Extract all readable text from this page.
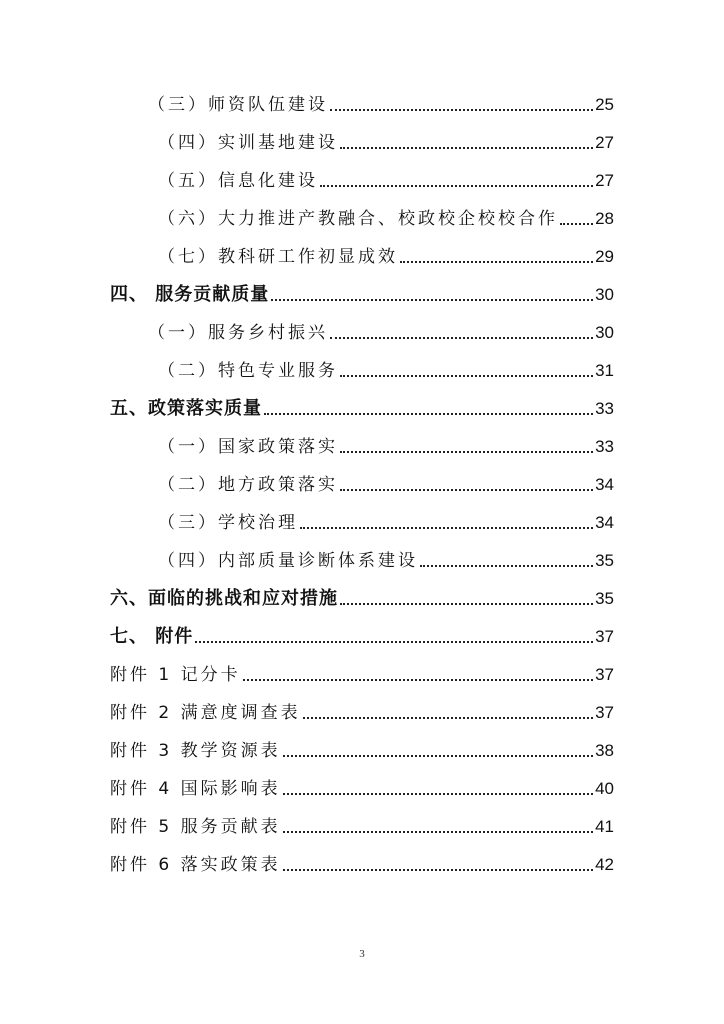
（三）师资队伍建设	25
（四）实训基地建设	27
（五）信息化建设	27
（六）大力推进产教融合、校政校企校校合作 28
（七）教科研工作初显成效	29
四、 服务贡献质量	30
（一）服务乡村振兴	30
（二）特色专业服务	31
五、政策落实质量	33
（一）国家政策落实	33
（二）地方政策落实	34
（三）学校治理	34
（四）内部质量诊断体系建设	35
六、面临的挑战和应对措施	35
七、 附件	37
附件 1 记分卡	37
附件 2 满意度调查表	37
附件 3 教学资源表	38
附件 4 国际影响表	40
附件 5 服务贡献表	41
附件 6 落实政策表	42
3
